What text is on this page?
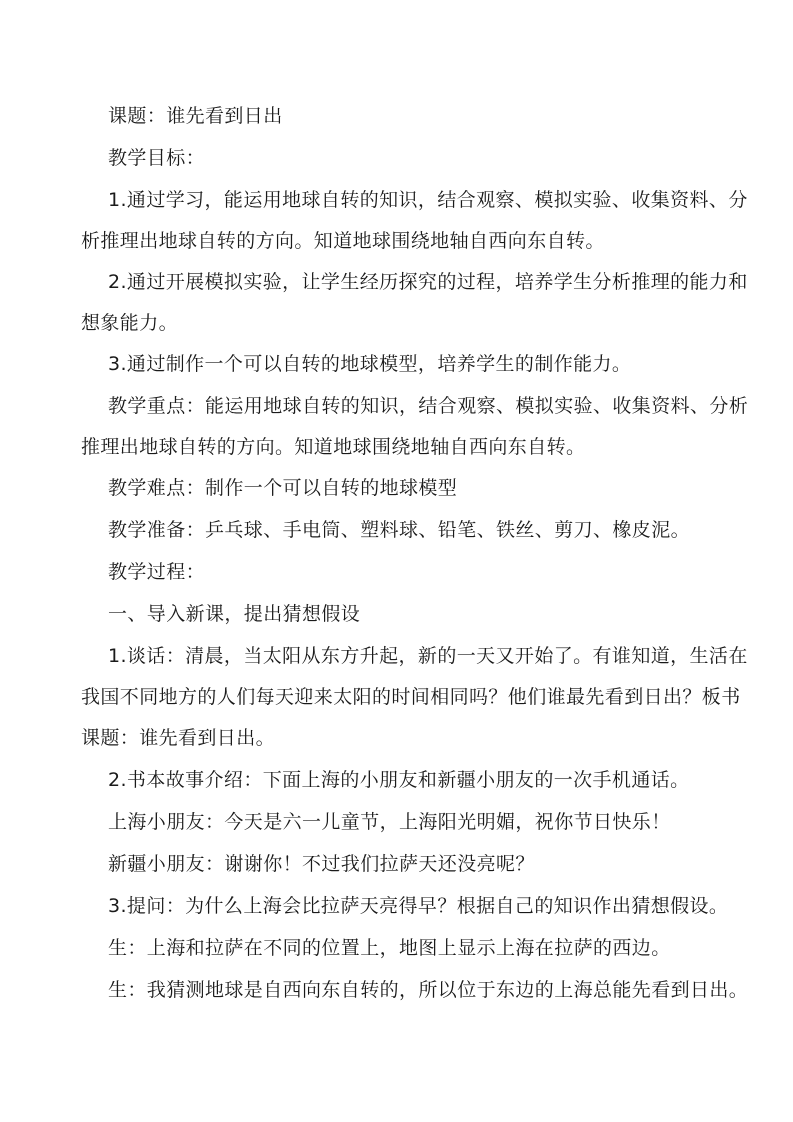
课题：谁先看到日出
教学目标：
1.通过学习，能运用地球自转的知识，结合观察、模拟实验、收集资料、分
析推理出地球自转的方向。知道地球围绕地轴自西向东自转。
2.通过开展模拟实验，让学生经历探究的过程，培养学生分析推理的能力和
想象能力。
3.通过制作一个可以自转的地球模型，培养学生的制作能力。
教学重点：能运用地球自转的知识，结合观察、模拟实验、收集资料、分析
推理出地球自转的方向。知道地球围绕地轴自西向东自转。
教学难点：制作一个可以自转的地球模型
教学准备：乒乓球、手电筒、塑料球、铅笔、铁丝、剪刀、橡皮泥。
教学过程：
一、导入新课，提出猜想假设
1.谈话：清晨，当太阳从东方升起，新的一天又开始了。有谁知道，生活在
我国不同地方的人们每天迎来太阳的时间相同吗？他们谁最先看到日出？板书
课题：谁先看到日出。
2.书本故事介绍：下面上海的小朋友和新疆小朋友的一次手机通话。
上海小朋友：今天是六一儿童节，上海阳光明媚，祝你节日快乐！
新疆小朋友：谢谢你！不过我们拉萨天还没亮呢？
3.提问：为什么上海会比拉萨天亮得早？根据自己的知识作出猜想假设。
生：上海和拉萨在不同的位置上，地图上显示上海在拉萨的西边。
生：我猜测地球是自西向东自转的，所以位于东边的上海总能先看到日出。
